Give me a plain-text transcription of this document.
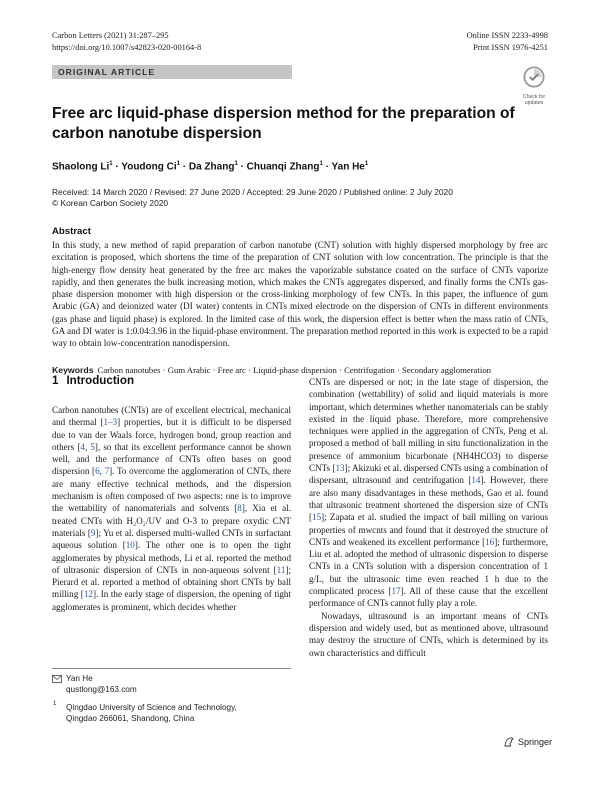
Carbon Letters (2021) 31:287–295
https://doi.org/10.1007/s42823-020-00164-8
Online ISSN 2233-4998
Print ISSN 1976-4251
ORIGINAL ARTICLE
Check for
updates
Free arc liquid-phase dispersion method for the preparation of carbon nanotube dispersion
Shaolong $Li^1$ · Youdong $Ci^1 \cdot Da$ Zhang$^1$ · Chuanqi Zhang$^1$ · Yan He$^1$
Received: 14 March 2020 / Revised: 27 June 2020 / Accepted: 29 June 2020 / Published online: 2 July 2020
© Korean Carbon Society 2020
Abstract
In this study, a new method of rapid preparation of carbon nanotube (CNT) solution with highly dispersed morphology by free arc excitation is proposed, which shortens the time of the preparation of CNT solution with low concentration. The principle is that the high-energy flow density heat generated by the free arc makes the vaporizable substance coated on the surface of CNTs vaporize rapidly, and then generates the bulk increasing motion, which makes the CNTs aggregates dispersed, and finally forms the CNTs gas-phase dispersion monomer with high dispersion or the cross-linking morphology of few CNTs. In this paper, the influence of gum Arabic (GA) and deionized water (DI water) contents in CNTs mixed electrode on the dispersion of CNTs in different environments (gas phase and liquid phase) is explored. In the limited case of this work, the dispersion effect is better when the mass ratio of CNTs, GA and DI water is 1:0.04:3.96 in the liquid-phase environment. The preparation method reported in this work is expected to be a rapid way to obtain low-concentration nanodispersion.
Keywords Carbon nanotubes · Gum Arabic · Free arc · Liquid-phase dispersion · Centrifugation · Secondary agglomeration
1 Introduction

Carbon nanotubes (CNTs) are of excellent electrical, mechanical and thermal [1–3] properties, but it is difficult to be dispersed due to van der Waals force, hydrogen bond, group reaction and others [4, 5], so that its excellent performance cannot be shown well, and the performance of CNTs often bases on good dispersion [6, 7]. To overcome the agglomeration of CNTs, there are many effective technical methods, and the dispersion mechanism is often composed of two aspects: one is to improve the wettability of nanomaterials and solvents [8], Xia et al. treated CNTs with H₂O₂/UV and O-3 to prepare oxydic CNT materials [9]; Yu et al. dispersed multi-walled CNTs in surfactant aqueous solution [10]. The other one is to open the tight agglomerates by physical methods, Li et al. reported the method of ultrasonic dispersion of CNTs in non-aqueous solvent [11]; Pierard et al. reported a method of obtaining short CNTs by ball milling [12]. In the early stage of dispersion, the opening of tight agglomerates is prominent, which decides whether

CNTs are dispersed or not; in the late stage of dispersion, the combination (wettability) of solid and liquid materials is more important, which determines whether nanomaterials can be stably existed in the liquid phase. Therefore, more comprehensive techniques were applied in the aggregation of CNTs, Peng et al. proposed a method of ball milling in situ functionalization in the presence of ammonium bicarbonate (NH4HCO3) to disperse CNTs [13]; Akizuki et al. dispersed CNTs using a combination of dispersant, ultrasound and centrifugation [14]. However, there are also many disadvantages in these methods, Gao et al. found that ultrasonic treatment shortened the dispersion size of CNTs [15]; Zapata et al. studied the impact of ball milling on various properties of mwcnts and found that it destroyed the structure of CNTs and weakened its excellent performance [16]; furthermore, Liu et al. adopted the method of ultrasonic dispersion to disperse CNTs in a CNTs solution with a dispersion concentration of 1 g/L, but the ultrasonic time even reached 1 h due to the complicated process [17]. All of these cause that the excellent performance of CNTs cannot fully play a role.

Nowadays, ultrasound is an important means of CNTs dispersion and widely used, but as mentioned above, ultrasound may destroy the structure of CNTs, which is determined by its own characteristics and difficult

Yan He
qustlong@163.com
1 Qingdao University of Science and Technology,
Qingdao 266061, Shandong, China
Springer
